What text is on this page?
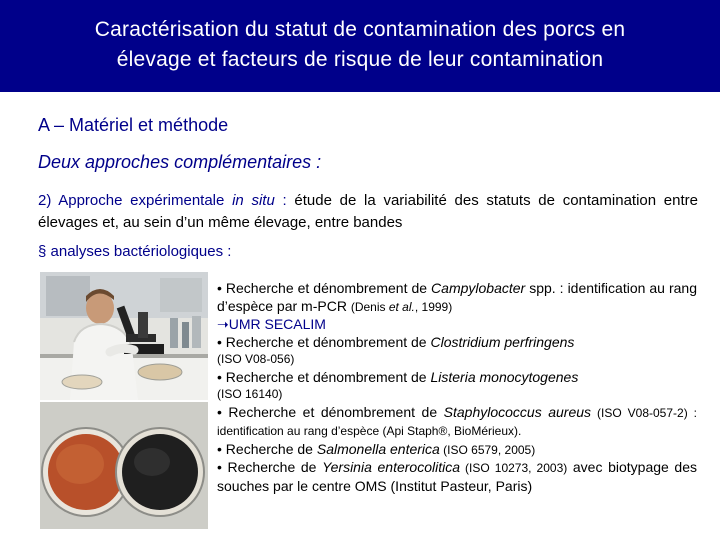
Caractérisation du statut de contamination des porcs en
élevage et facteurs de risque de leur contamination
A – Matériel et méthode
Deux approches complémentaires :
2) Approche expérimentale in situ : étude de la variabilité des statuts de contamination entre élevages et, au sein d’un même élevage, entre bandes
§ analyses bactériologiques :
• Recherche et dénombrement de Campylobacter spp. : identification au rang d’espèce par m-PCR (Denis et al., 1999)
➝UMR SECALIM
• Recherche et dénombrement de Clostridium perfringens
(ISO V08-056)
• Recherche et dénombrement de Listeria monocytogenes
(ISO 16140)
• Recherche et dénombrement de Staphylococcus aureus (ISO V08-057-2) : identification au rang d’espèce (Api Staph®, BioMérieux).
• Recherche de Salmonella enterica (ISO 6579, 2005)
• Recherche de Yersinia enterocolitica (ISO 10273, 2003) avec biotypage des souches par le centre OMS (Institut Pasteur, Paris)
